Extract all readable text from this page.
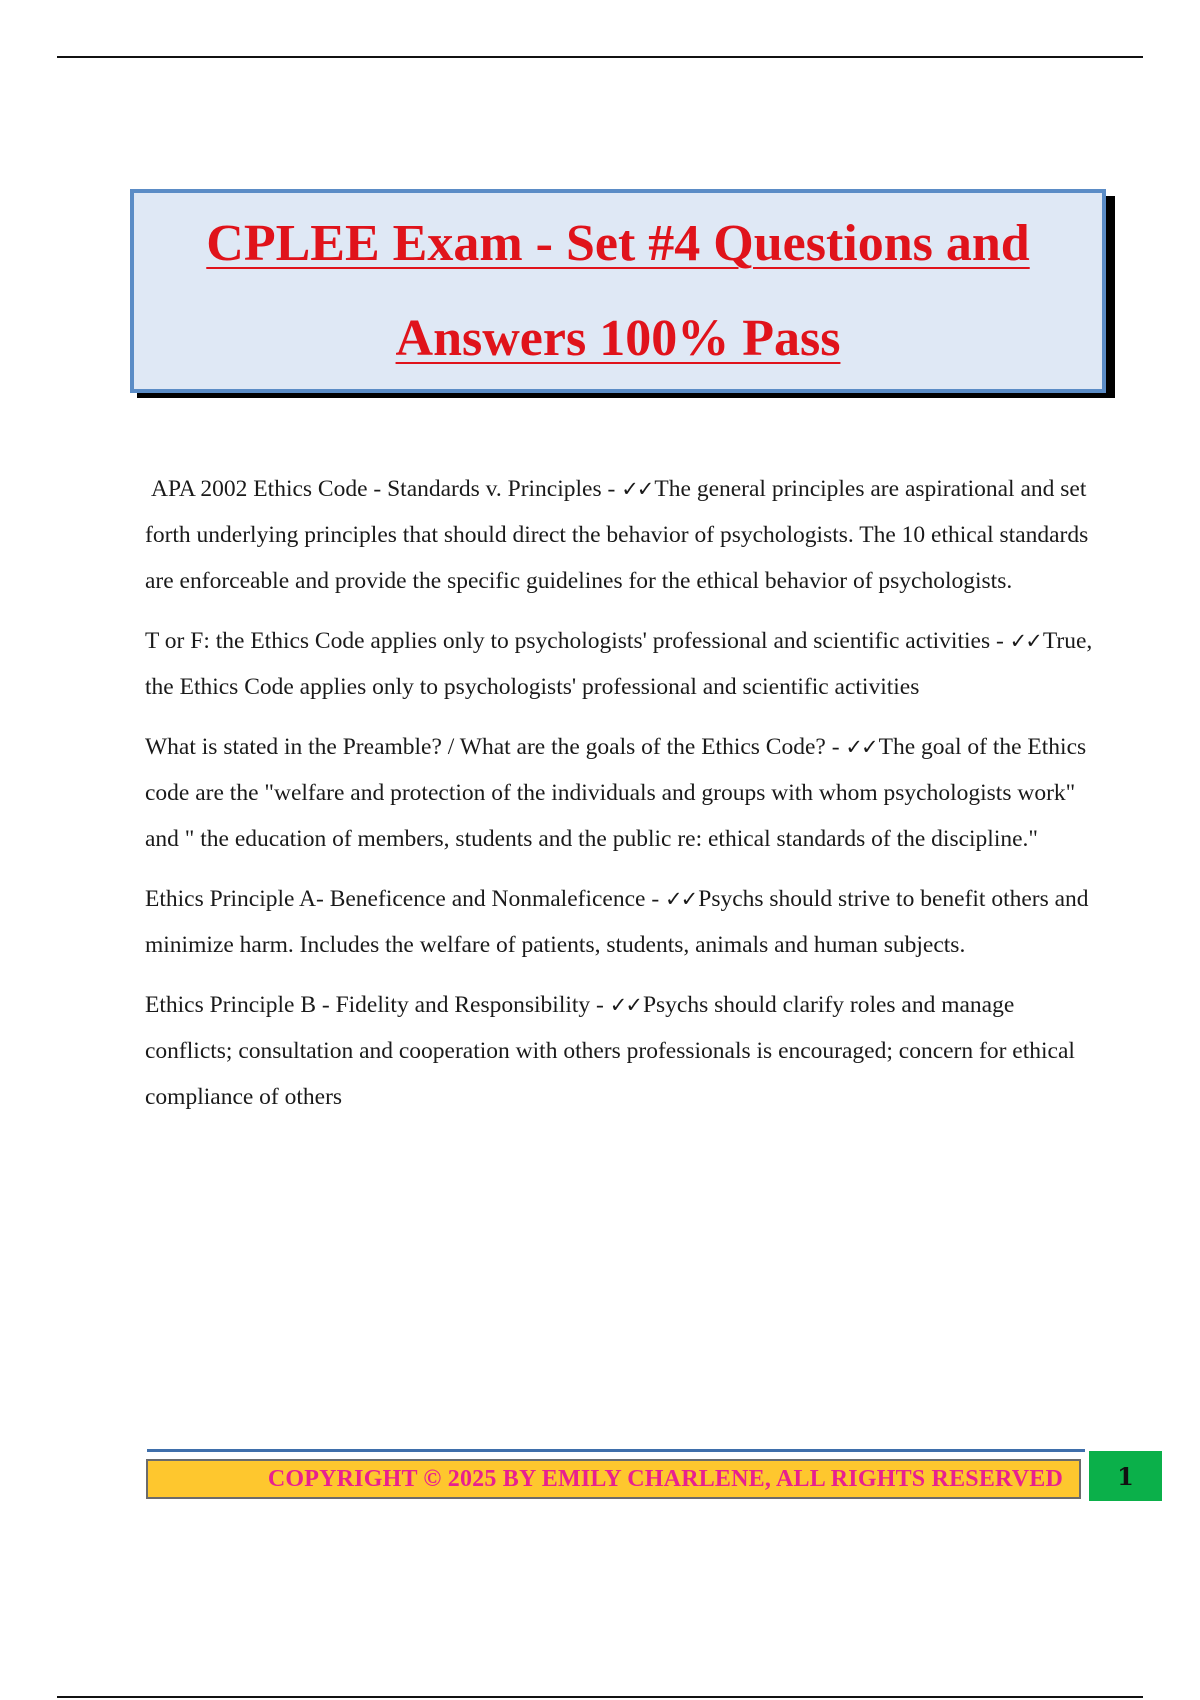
CPLEE Exam - Set #4 Questions and
Answers 100% Pass

APA 2002 Ethics Code - Standards v. Principles - ✓✓The general principles are aspirational and set forth underlying principles that should direct the behavior of psychologists. The 10 ethical standards are enforceable and provide the specific guidelines for the ethical behavior of psychologists.

T or F: the Ethics Code applies only to psychologists' professional and scientific activities - ✓✓True, the Ethics Code applies only to psychologists' professional and scientific activities

What is stated in the Preamble? / What are the goals of the Ethics Code? - ✓✓The goal of the Ethics code are the "welfare and protection of the individuals and groups with whom psychologists work" and " the education of members, students and the public re: ethical standards of the discipline."

Ethics Principle A- Beneficence and Nonmaleficence - ✓✓Psychs should strive to benefit others and minimize harm. Includes the welfare of patients, students, animals and human subjects.

Ethics Principle B - Fidelity and Responsibility - ✓✓Psychs should clarify roles and manage conflicts; consultation and cooperation with others professionals is encouraged; concern for ethical compliance of others

COPYRIGHT © 2025 BY EMILY CHARLENE, ALL RIGHTS RESERVED	1
